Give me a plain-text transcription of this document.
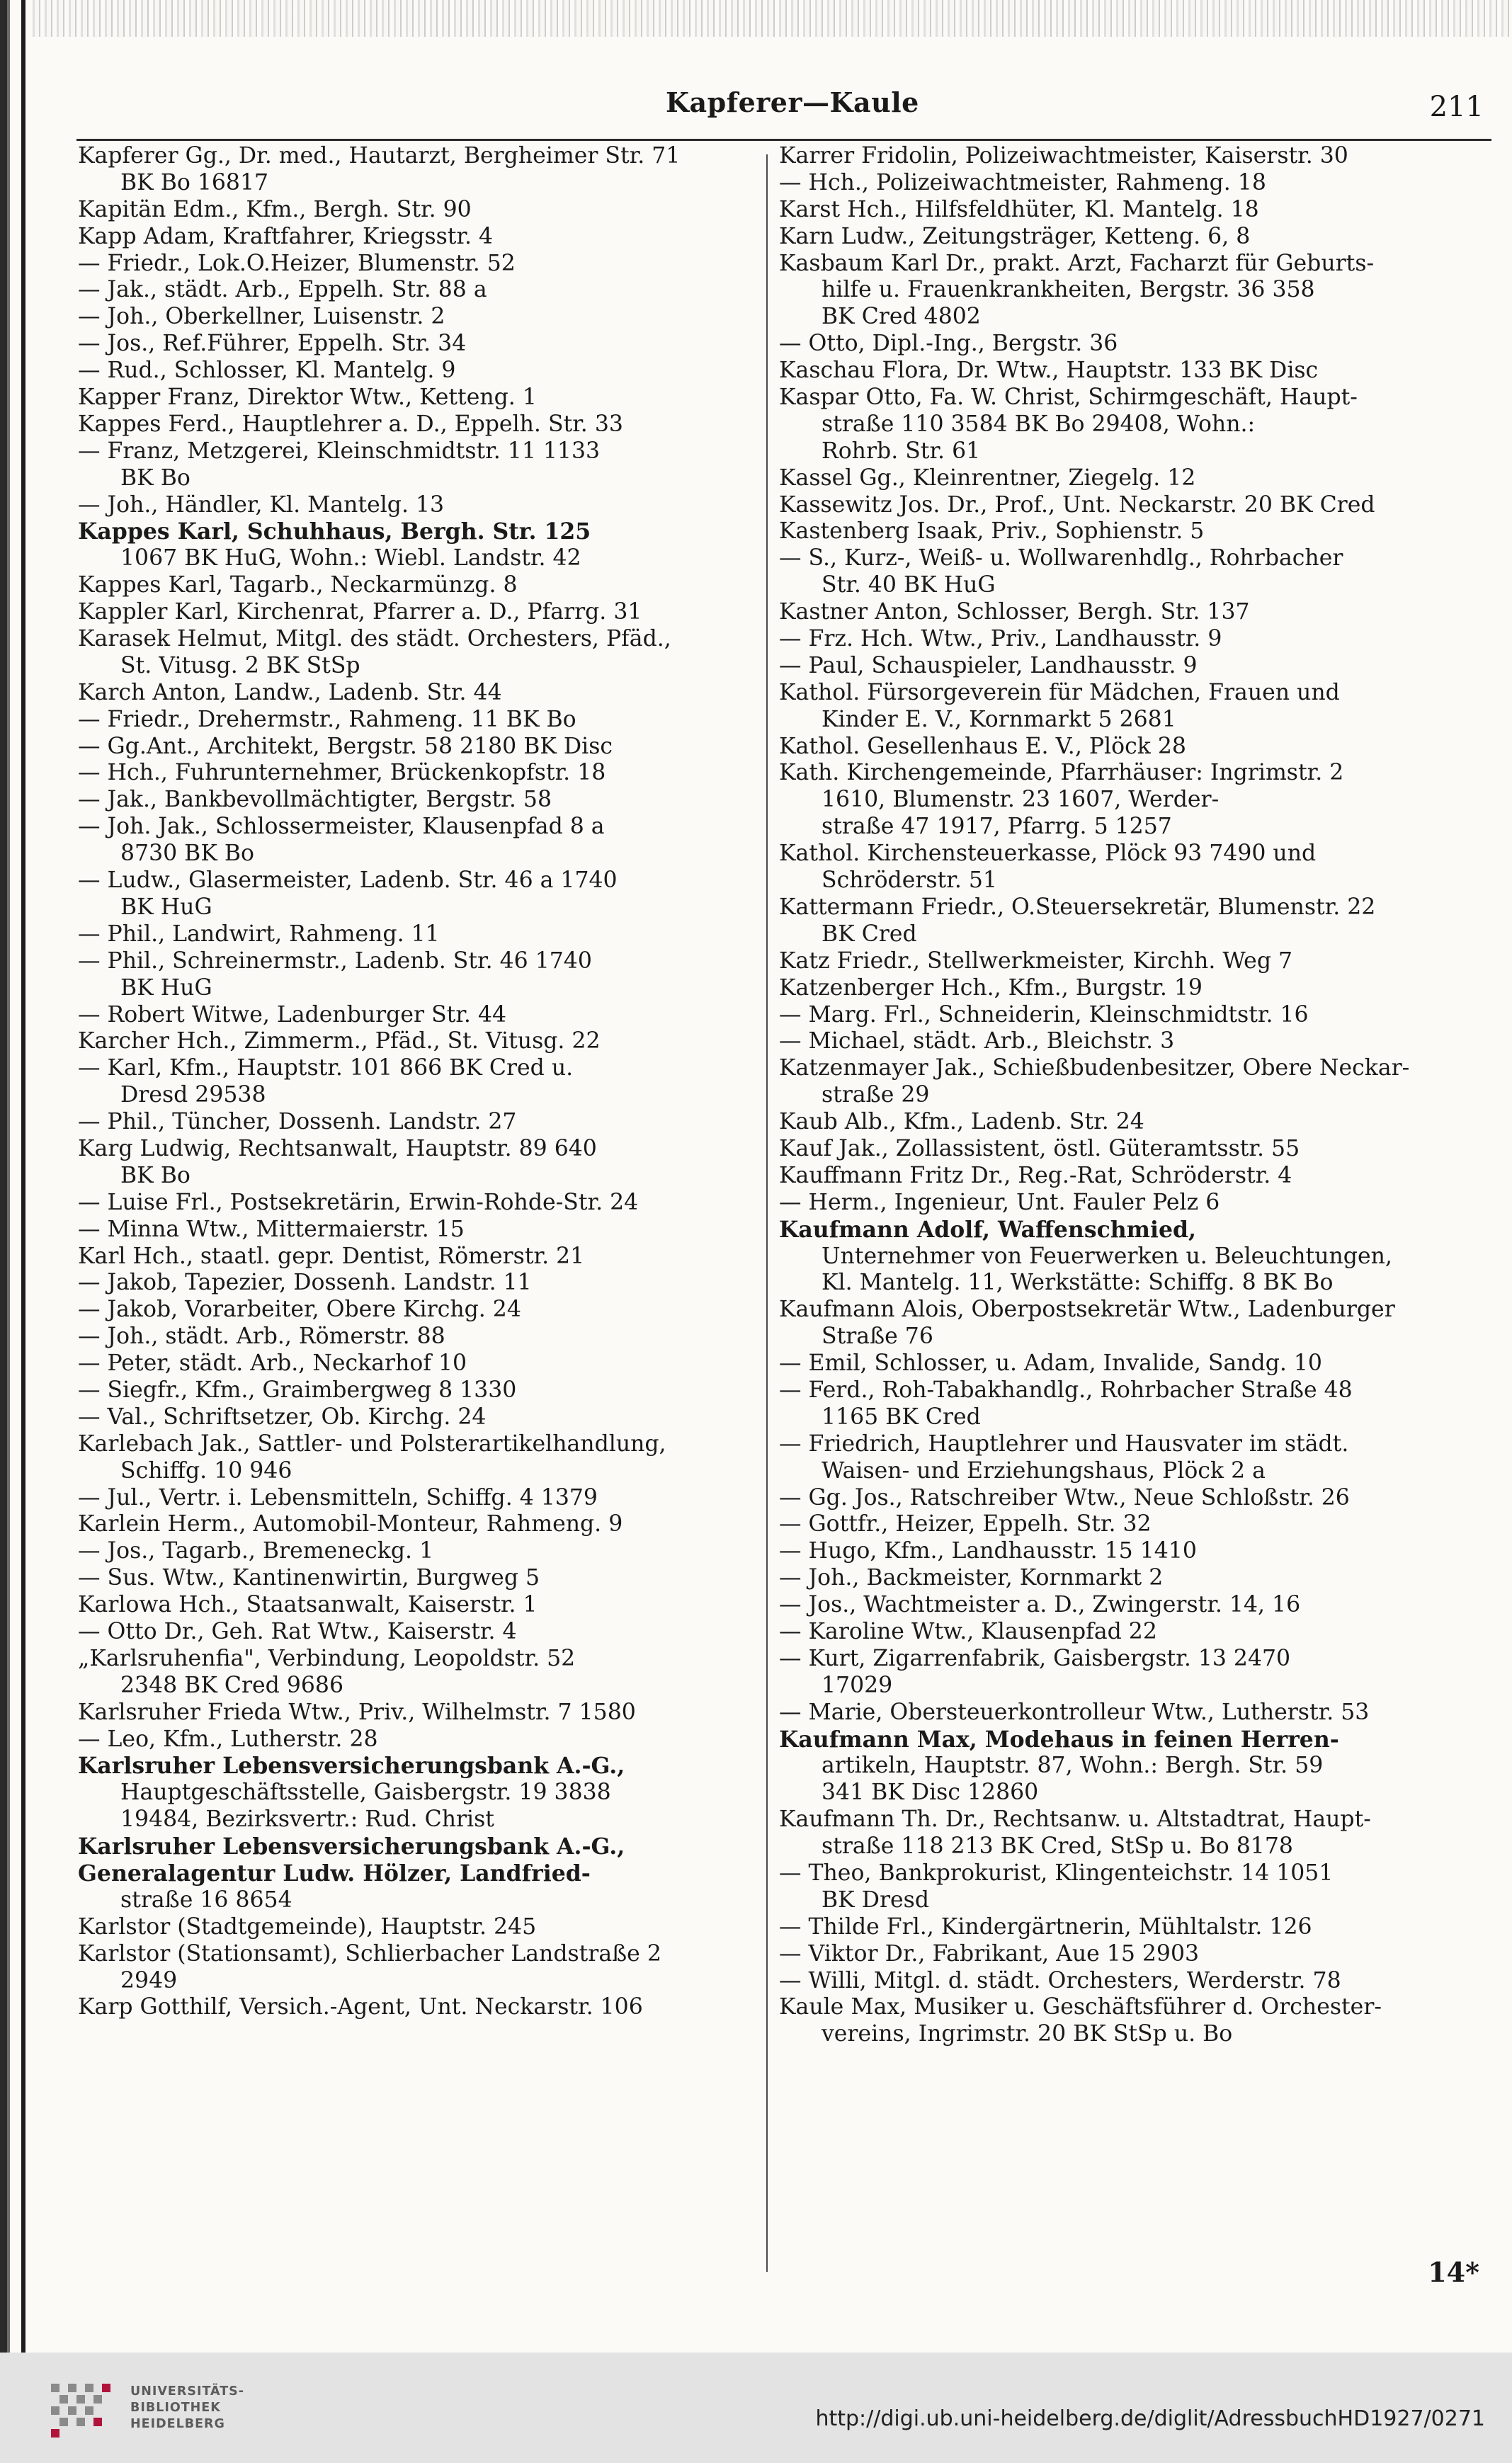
Kapferer—Kaule	211
Kapferer Gg., Dr. med., Hautarzt, Bergheimer Str. 71
BK Bo 16817
Kapitän Edm., Kfm., Bergh. Str. 90
Kapp Adam, Kraftfahrer, Kriegsstr. 4
— Friedr., Lok.O.Heizer, Blumenstr. 52
— Jak., städt. Arb., Eppelh. Str. 88 a
— Joh., Oberkellner, Luisenstr. 2
— Jos., Ref.Führer, Eppelh. Str. 34
— Rud., Schlosser, Kl. Mantelg. 9
Kapper Franz, Direktor Wtw., Ketteng. 1
Kappes Ferd., Hauptlehrer a. D., Eppelh. Str. 33
— Franz, Metzgerei, Kleinschmidtstr. 11 1133
BK Bo
— Joh., Händler, Kl. Mantelg. 13
Kappes Karl, Schuhhaus, Bergh. Str. 125
1067 BK HuG, Wohn.: Wiebl. Landstr. 42
Kappes Karl, Tagarb., Neckarmünzg. 8
Kappler Karl, Kirchenrat, Pfarrer a. D., Pfarrg. 31
Karasek Helmut, Mitgl. des städt. Orchesters, Pfäd.,
St. Vitusg. 2 BK StSp
Karch Anton, Landw., Ladenb. Str. 44
— Friedr., Drehermstr., Rahmeng. 11 BK Bo
— Gg.Ant., Architekt, Bergstr. 58 2180 BK Disc
— Hch., Fuhrunternehmer, Brückenkopfstr. 18
— Jak., Bankbevollmächtigter, Bergstr. 58
— Joh. Jak., Schlossermeister, Klausenpfad 8 a
8730 BK Bo
— Ludw., Glasermeister, Ladenb. Str. 46 a 1740
BK HuG
— Phil., Landwirt, Rahmeng. 11
— Phil., Schreinermstr., Ladenb. Str. 46 1740
BK HuG
— Robert Witwe, Ladenburger Str. 44
Karcher Hch., Zimmerm., Pfäd., St. Vitusg. 22
— Karl, Kfm., Hauptstr. 101 866 BK Cred u.
Dresd 29538
— Phil., Tüncher, Dossenh. Landstr. 27
Karg Ludwig, Rechtsanwalt, Hauptstr. 89 640
BK Bo
— Luise Frl., Postsekretärin, Erwin-Rohde-Str. 24
— Minna Wtw., Mittermaierstr. 15
Karl Hch., staatl. gepr. Dentist, Römerstr. 21
— Jakob, Tapezier, Dossenh. Landstr. 11
— Jakob, Vorarbeiter, Obere Kirchg. 24
— Joh., städt. Arb., Römerstr. 88
— Peter, städt. Arb., Neckarhof 10
— Siegfr., Kfm., Graimbergweg 8 1330
— Val., Schriftsetzer, Ob. Kirchg. 24
Karlebach Jak., Sattler- und Polsterartikelhandlung,
Schiffg. 10 946
— Jul., Vertr. i. Lebensmitteln, Schiffg. 4 1379
Karlein Herm., Automobil-Monteur, Rahmeng. 9
— Jos., Tagarb., Bremeneckg. 1
— Sus. Wtw., Kantinenwirtin, Burgweg 5
Karlowa Hch., Staatsanwalt, Kaiserstr. 1
— Otto Dr., Geh. Rat Wtw., Kaiserstr. 4
„Karlsruhenfia", Verbindung, Leopoldstr. 52
2348 BK Cred 9686
Karlsruher Frieda Wtw., Priv., Wilhelmstr. 7 1580
— Leo, Kfm., Lutherstr. 28
Karlsruher Lebensversicherungsbank A.-G.,
Hauptgeschäftsstelle, Gaisbergstr. 19 3838
19484, Bezirksvertr.: Rud. Christ
Karlsruher Lebensversicherungsbank A.-G.,
Generalagentur Ludw. Hölzer, Landfried-
straße 16 8654
Karlstor (Stadtgemeinde), Hauptstr. 245
Karlstor (Stationsamt), Schlierbacher Landstraße 2
2949
Karp Gotthilf, Versich.-Agent, Unt. Neckarstr. 106
Karrer Fridolin, Polizeiwachtmeister, Kaiserstr. 30
— Hch., Polizeiwachtmeister, Rahmeng. 18
Karst Hch., Hilfsfeldhüter, Kl. Mantelg. 18
Karn Ludw., Zeitungsträger, Ketteng. 6, 8
Kasbaum Karl Dr., prakt. Arzt, Facharzt für Geburts-
hilfe u. Frauenkrankheiten, Bergstr. 36 358
BK Cred 4802
— Otto, Dipl.-Ing., Bergstr. 36
Kaschau Flora, Dr. Wtw., Hauptstr. 133 BK Disc
Kaspar Otto, Fa. W. Christ, Schirmgeschäft, Haupt-
straße 110 3584 BK Bo 29408, Wohn.:
Rohrb. Str. 61
Kassel Gg., Kleinrentner, Ziegelg. 12
Kassewitz Jos. Dr., Prof., Unt. Neckarstr. 20 BK Cred
Kastenberg Isaak, Priv., Sophienstr. 5
— S., Kurz-, Weiß- u. Wollwarenhdlg., Rohrbacher
Str. 40 BK HuG
Kastner Anton, Schlosser, Bergh. Str. 137
— Frz. Hch. Wtw., Priv., Landhausstr. 9
— Paul, Schauspieler, Landhausstr. 9
Kathol. Fürsorgeverein für Mädchen, Frauen und
Kinder E. V., Kornmarkt 5 2681
Kathol. Gesellenhaus E. V., Plöck 28
Kath. Kirchengemeinde, Pfarrhäuser: Ingrimstr. 2
1610, Blumenstr. 23 1607, Werder-
straße 47 1917, Pfarrg. 5 1257
Kathol. Kirchensteuerkasse, Plöck 93 7490 und
Schröderstr. 51
Kattermann Friedr., O.Steuersekretär, Blumenstr. 22
BK Cred
Katz Friedr., Stellwerkmeister, Kirchh. Weg 7
Katzenberger Hch., Kfm., Burgstr. 19
— Marg. Frl., Schneiderin, Kleinschmidtstr. 16
— Michael, städt. Arb., Bleichstr. 3
Katzenmayer Jak., Schießbudenbesitzer, Obere Neckar-
straße 29
Kaub Alb., Kfm., Ladenb. Str. 24
Kauf Jak., Zollassistent, östl. Güteramtsstr. 55
Kauffmann Fritz Dr., Reg.-Rat, Schröderstr. 4
— Herm., Ingenieur, Unt. Fauler Pelz 6
Kaufmann Adolf, Waffenschmied,
Unternehmer von Feuerwerken u. Beleuchtungen,
Kl. Mantelg. 11, Werkstätte: Schiffg. 8 BK Bo
Kaufmann Alois, Oberpostsekretär Wtw., Ladenburger
Straße 76
— Emil, Schlosser, u. Adam, Invalide, Sandg. 10
— Ferd., Roh-Tabakhandlg., Rohrbacher Straße 48
1165 BK Cred
— Friedrich, Hauptlehrer und Hausvater im städt.
Waisen- und Erziehungshaus, Plöck 2 a
— Gg. Jos., Ratschreiber Wtw., Neue Schloßstr. 26
— Gottfr., Heizer, Eppelh. Str. 32
— Hugo, Kfm., Landhausstr. 15 1410
— Joh., Backmeister, Kornmarkt 2
— Jos., Wachtmeister a. D., Zwingerstr. 14, 16
— Karoline Wtw., Klausenpfad 22
— Kurt, Zigarrenfabrik, Gaisbergstr. 13 2470
17029
— Marie, Obersteuerkontrolleur Wtw., Lutherstr. 53
Kaufmann Max, Modehaus in feinen Herren-
artikeln, Hauptstr. 87, Wohn.: Bergh. Str. 59
341 BK Disc 12860
Kaufmann Th. Dr., Rechtsanw. u. Altstadtrat, Haupt-
straße 118 213 BK Cred, StSp u. Bo 8178
— Theo, Bankprokurist, Klingenteichstr. 14 1051
BK Dresd
— Thilde Frl., Kindergärtnerin, Mühltalstr. 126
— Viktor Dr., Fabrikant, Aue 15 2903
— Willi, Mitgl. d. städt. Orchesters, Werderstr. 78
Kaule Max, Musiker u. Geschäftsführer d. Orchester-
vereins, Ingrimstr. 20 BK StSp u. Bo
14*
UNIVERSITÄTS-
BIBLIOTHEK
HEIDELBERG	http://digi.ub.uni-heidelberg.de/diglit/AdressbuchHD1927/0271
